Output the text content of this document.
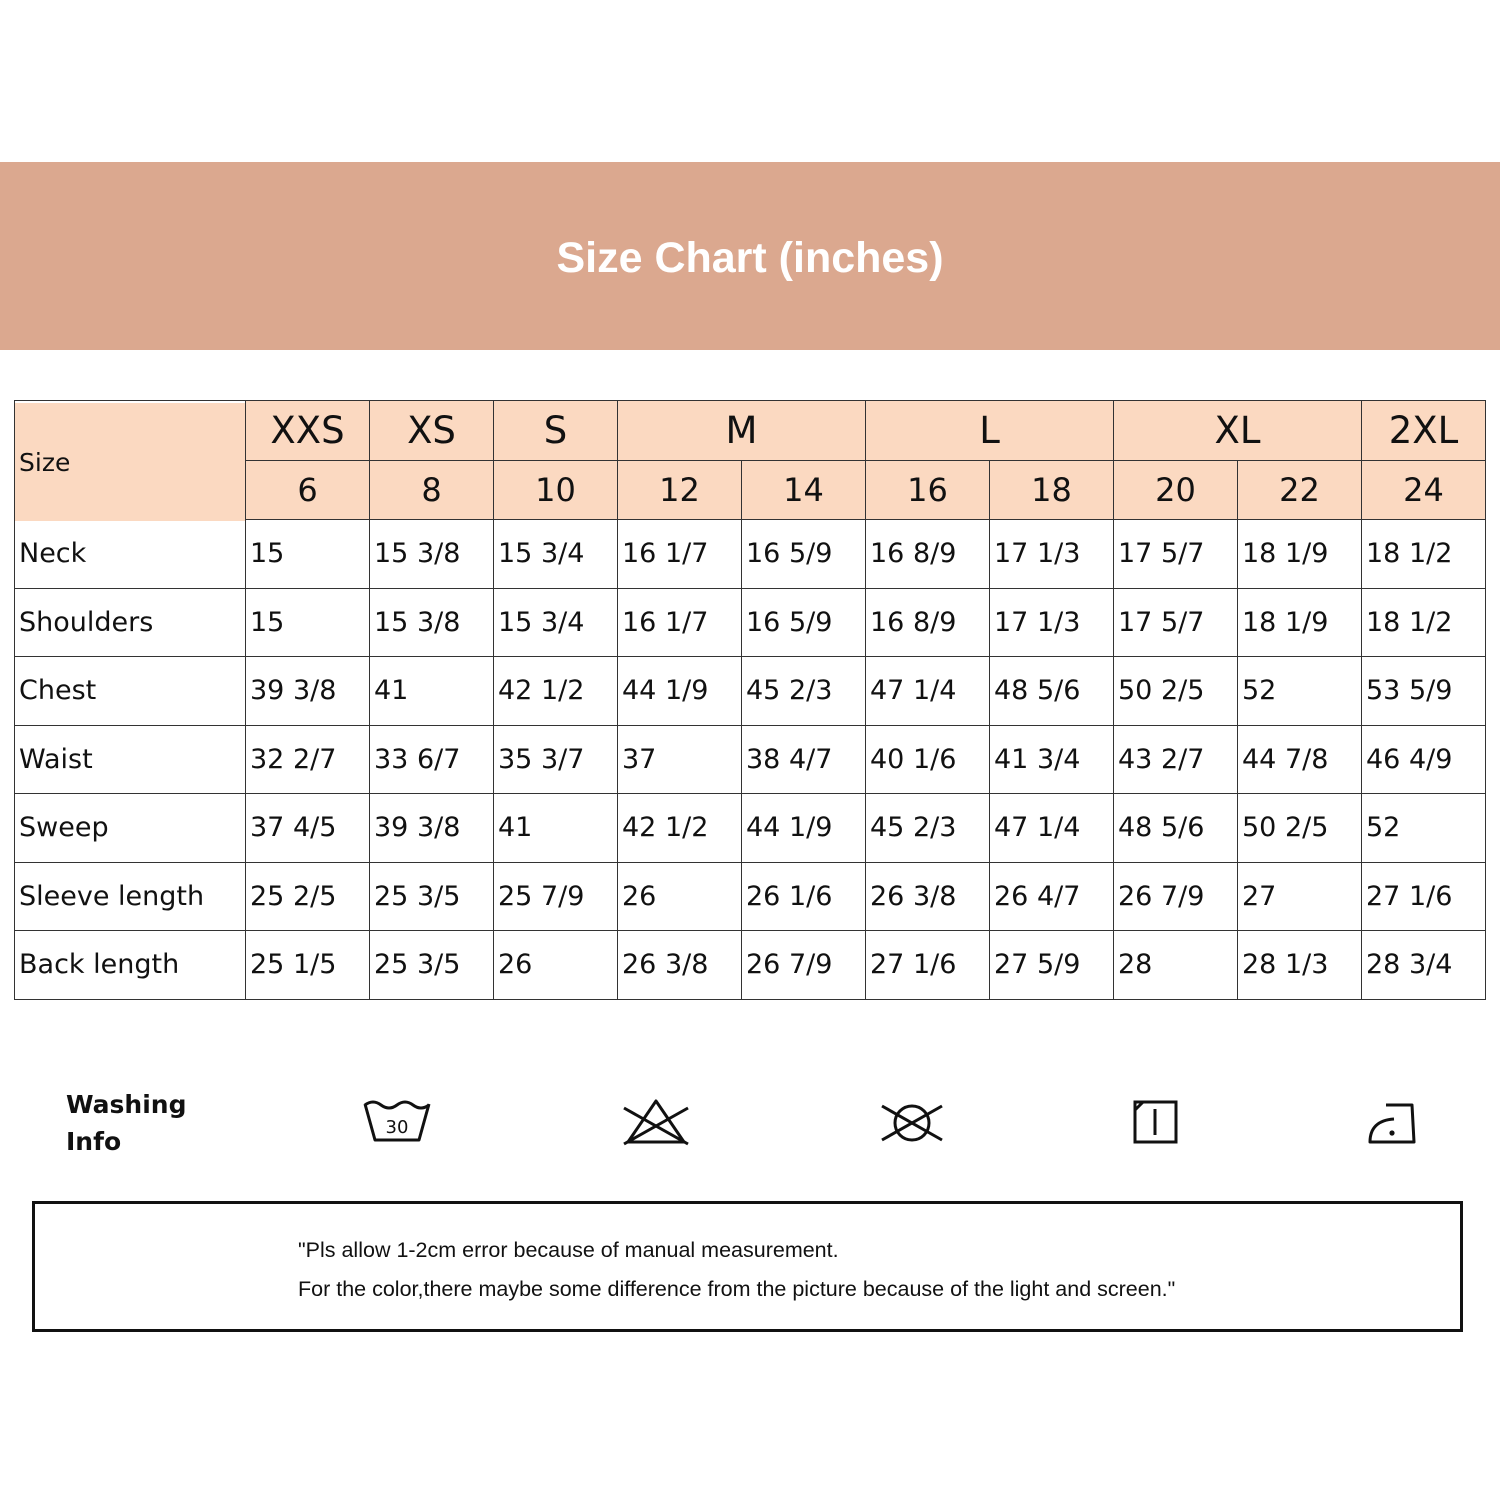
Size Chart (inches)
Size	XXS	XS	S	M		L		XL		2XL
	6	8	10	12	14	16	18	20	22	24
Neck	15	15 3/8	15 3/4	16 1/7	16 5/9	16 8/9	17 1/3	17 5/7	18 1/9	18 1/2
Shoulders	15	15 3/8	15 3/4	16 1/7	16 5/9	16 8/9	17 1/3	17 5/7	18 1/9	18 1/2
Chest	39 3/8	41	42 1/2	44 1/9	45 2/3	47 1/4	48 5/6	50 2/5	52	53 5/9
Waist	32 2/7	33 6/7	35 3/7	37	38 4/7	40 1/6	41 3/4	43 2/7	44 7/8	46 4/9
Sweep	37 4/5	39 3/8	41	42 1/2	44 1/9	45 2/3	47 1/4	48 5/6	50 2/5	52
Sleeve length	25 2/5	25 3/5	25 7/9	26	26 1/6	26 3/8	26 4/7	26 7/9	27	27 1/6
Back length	25 1/5	25 3/5	26	26 3/8	26 7/9	27 1/6	27 5/9	28	28 1/3	28 3/4
Washing
Info	30
"Pls allow 1-2cm error because of manual measurement.
For the color,there maybe some difference from the picture because of the light and screen."
